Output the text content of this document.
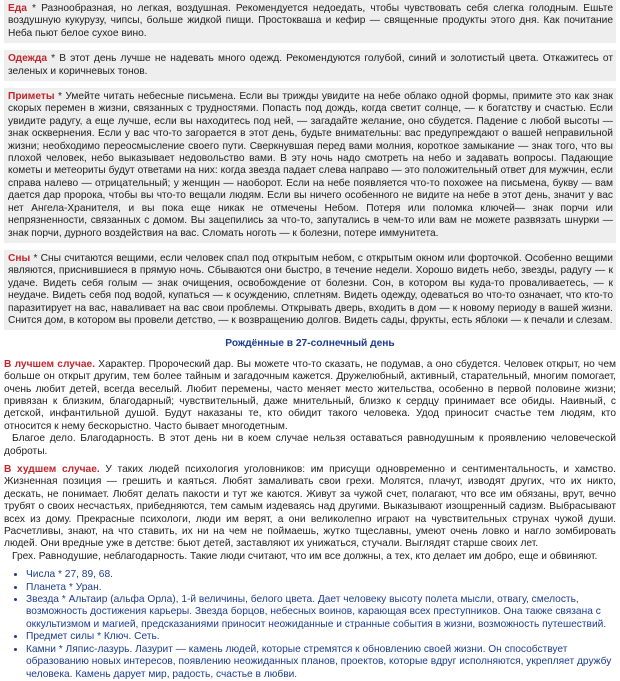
Еда * Разнообразная, но легкая, воздушная. Рекомендуется недоедать, чтобы чувствовать себя слегка голодным. Ешьте воздушную кукурузу, чипсы, больше жидкой пищи. Простокваша и кефир — священные продукты этого дня. Как почитание Неба пьют белое сухое вино.

Одежда * В этот день лучше не надевать много одежд. Рекомендуются голубой, синий и золотистый цвета. Откажитесь от зеленых и коричневых тонов.

Приметы * Умейте читать небесные письмена. Если вы трижды увидите на небе облако одной формы, примите это как знак скорых перемен в жизни, связанных с трудностями. Попасть под дождь, когда светит солнце, — к богатству и счастью. Если увидите радугу, а еще лучше, если вы находитесь под ней, — загадайте желание, оно сбудется. Падение с любой высоты — знак осквернения. Если у вас что-то загорается в этот день, будьте внимательны: вас предупреждают о вашей неправильной жизни; необходимо переосмысление своего пути. Сверкнувшая перед вами молния, короткое замыкание — знак того, что вы плохой человек, небо выказывает недовольство вами. В эту ночь надо смотреть на небо и задавать вопросы. Падающие кометы и метеориты будут ответами на них: когда звезда падает слева направо — это положительный ответ для мужчин, если справа налево — отрицательный; у женщин — наоборот. Если на небе появляется что-то похожее на письмена, букву — вам дается дар пророка, чтобы вы что-то вещали людям. Если вы ничего особенного не видите на небе в этот день, значит у вас нет Ангела-Хранителя, и вы пока еще никак не отмечены Небом. Потеря или поломка ключей— знак порчи или непрязненности, связанных с домом. Вы зацепились за что-то, запутались в чем-то или вам не можете развязать шнурки — знак порчи, дурного воздействия на вас. Сломать ноготь — к болезни, потере иммунитета.

Сны * Сны считаются вещими, если человек спал под открытым небом, с открытым окном или форточкой. Особенно вещими являются, приснившиеся в прямую ночь. Сбываются они быстро, в течение недели. Хорошо видеть небо, звезды, радугу — к удаче. Видеть себя голым — знак очищения, освобождение от болезни. Сон, в котором вы куда-то проваливаетесь, — к неудаче. Видеть себя под водой, купаться — к осуждению, сплетням. Видеть одежду, одеваться во что-то означает, что кто-то паразитирует на вас, наваливает на вас свои проблемы. Открывать дверь, входить в дом — к новому периоду в вашей жизни. Снится дом, в котором вы провели детство, — к возвращению долгов. Видеть сады, фрукты, есть яблоки — к печали и слезам.

Рождённые в 27-солнечный день

В лучшем случае. Характер. Пророческий дар. Вы можете что-то сказать, не подумав, а оно сбудется. Человек открыт, но чем больше он открыт другим, тем более тайным и загадочным кажется. Дружелюбный, активный, старательный, многим помогает, очень любит детей, всегда веселый. Любит перемены, часто меняет место жительства, особенно в первой половине жизни; привязан к близким, благодарный; чувствительный, даже мнительный, близко к сердцу принимает все обиды. Наивный, с детской, инфантильной душой. Будут наказаны те, кто обидит такого человека. Удод приносит счастье тем людям, кто относится к нему бескорыстно. Часто бывает многодетным.

Благое дело. Благодарность. В этот день ни в коем случае нельзя оставаться равнодушным к проявлению человеческой доброты.

В худшем случае. У таких людей психология уголовников: им присущи одновременно и сентиментальность, и хамство. Жизненная позиция — грешить и каяться. Любят замаливать свои грехи. Молятся, плачут, изводят других, что их никто, дескать, не понимает. Любят делать пакости и тут же каются. Живут за чужой счет, полагают, что все им обязаны, врут, вечно трубят о своих несчастьях, прибедняются, тем самым издеваясь над другими. Выказывают изощренный садизм. Выбрасывают всех из дому. Прекрасные психологи, люди им верят, а они великолепно играют на чувствительных струнах чужой души. Расчетливы, знают, на что ставить, их ни на чем не поймаешь, жутко тщеславны, умеют очень ловко и нагло зомбировать людей. Они вредные уже в детстве: бьют детей, заставляют их унижаться, стучали. Выглядят старше своих лет.

Грех. Равнодушие, неблагодарность. Такие люди считают, что им все должны, а тех, кто делает им добро, еще и обвиняют.

• Числа * 27, 89, 68.
• Планета * Уран.
• Звезда * Альтаир (альфа Орла), 1-й величины, белого цвета. Дает человеку высоту полета мысли, отвагу, смелость, возможность достижения карьеры. Звезда борцов, небесных воинов, карающая всех преступников. Она также связана с оккультизмом и магией, предсказаниями приносит неожиданные и странные события в жизни, возможность путешествий.
• Предмет силы * Ключ. Сеть.
• Камни * Ляпис-лазурь. Лазурит — камень людей, которые стремятся к обновлению своей жизни. Он способствует образованию новых интересов, появлению неожиданных планов, проектов, которые вдруг исполняются, укрепляет дружбу человека. Камень дарует мир, радость, счастье в любви.
